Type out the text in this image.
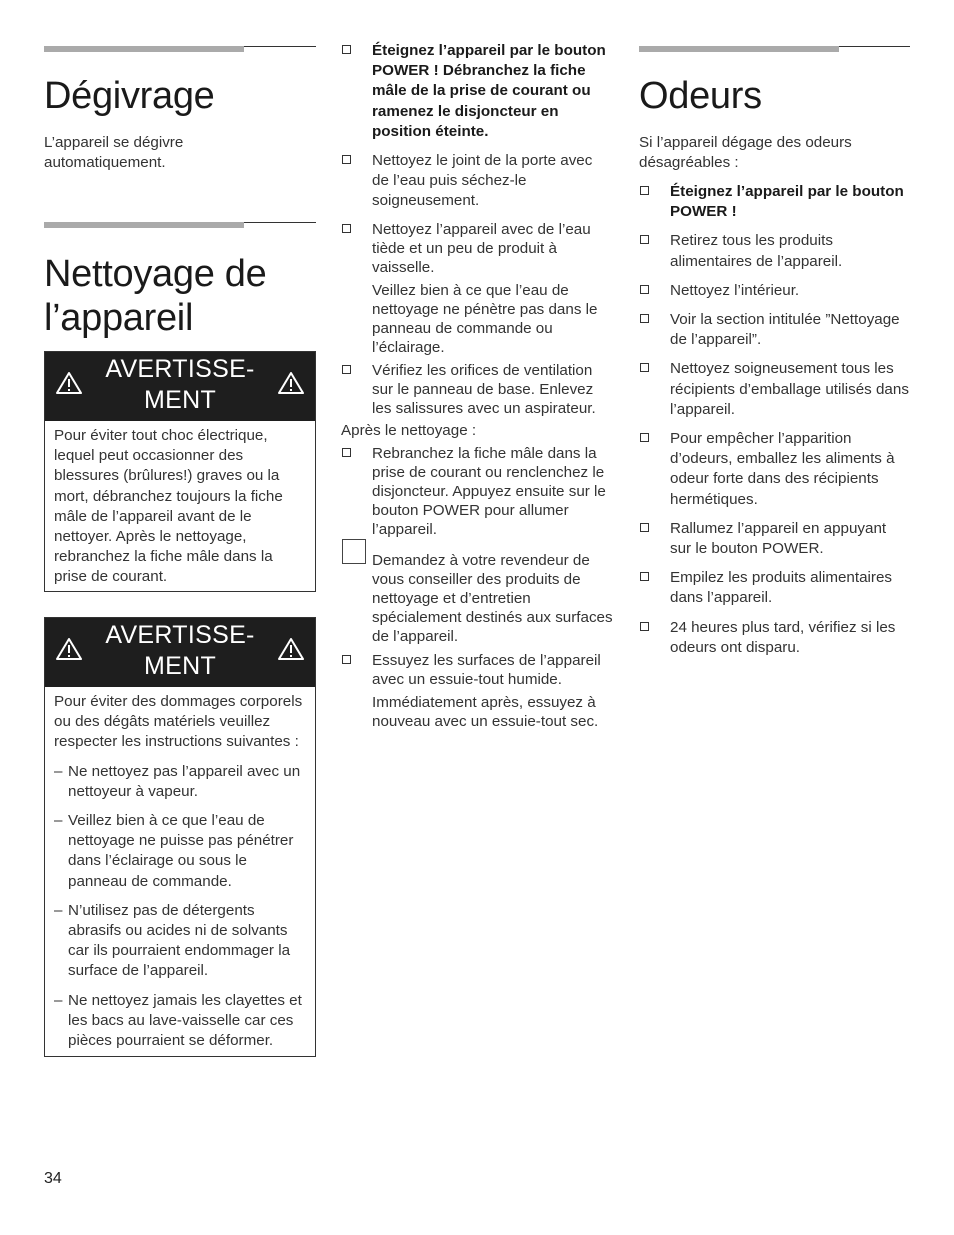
Dégivrage

L’appareil se dégivre automatiquement.

Nettoyage de
l’appareil
AVERTISSE-
MENT

Pour éviter tout choc électrique, lequel peut occasionner des blessures (brûlures!) graves ou la mort, débranchez toujours la fiche mâle de l’appareil avant de le nettoyer. Après le nettoyage, rebranchez la fiche mâle dans la prise de courant.

AVERTISSE-
MENT

Pour éviter des dommages corporels ou des dégâts matériels veuillez respecter les instructions suivantes :

– Ne nettoyez pas l’appareil avec un nettoyeur à vapeur.

– Veillez bien à ce que l’eau de nettoyage ne puisse pas pénétrer dans l’éclairage ou sous le panneau de commande.

– N’utilisez pas de détergents abrasifs ou acides ni de solvants car ils pourraient endommager la surface de l’appareil.

– Ne nettoyez jamais les clayettes et les bacs au lave-vaisselle car ces pièces pourraient se déformer.

Éteignez l’appareil par le bouton POWER ! Débranchez la fiche mâle de la prise de courant ou ramenez le disjoncteur en position éteinte.
Nettoyez le joint de la porte avec de l’eau puis séchez-le soigneusement.
Nettoyez l’appareil avec de l’eau tiède et un peu de produit à vaisselle.
Veillez bien à ce que l’eau de nettoyage ne pénètre pas dans le panneau de commande ou l’éclairage.
Vérifiez les orifices de ventilation sur le panneau de base. Enlevez les salissures avec un aspirateur.

Après le nettoyage :

Rebranchez la fiche mâle dans la prise de courant ou renclenchez le disjoncteur. Appuyez ensuite sur le bouton POWER pour allumer l’appareil.
Demandez à votre revendeur de vous conseiller des produits de nettoyage et d’entretien spécialement destinés aux surfaces de l’appareil.
Essuyez les surfaces de l’appareil avec un essuie-tout humide.
Immédiatement après, essuyez à nouveau avec un essuie-tout sec.
Odeurs

Si l’appareil dégage des odeurs désagréables :

Éteignez l’appareil par le bouton POWER !
Retirez tous les produits alimentaires de l’appareil.
Nettoyez l’intérieur.
Voir la section intitulée ”Nettoyage de l’appareil”.
Nettoyez soigneusement tous les récipients d’emballage utilisés dans l’appareil.
Pour empêcher l’apparition d’odeurs, emballez les aliments à odeur forte dans des récipients hermétiques.
Rallumez l’appareil en appuyant sur le bouton POWER.
Empilez les produits alimentaires dans l’appareil.
24 heures plus tard, vérifiez si les odeurs ont disparu.
34
